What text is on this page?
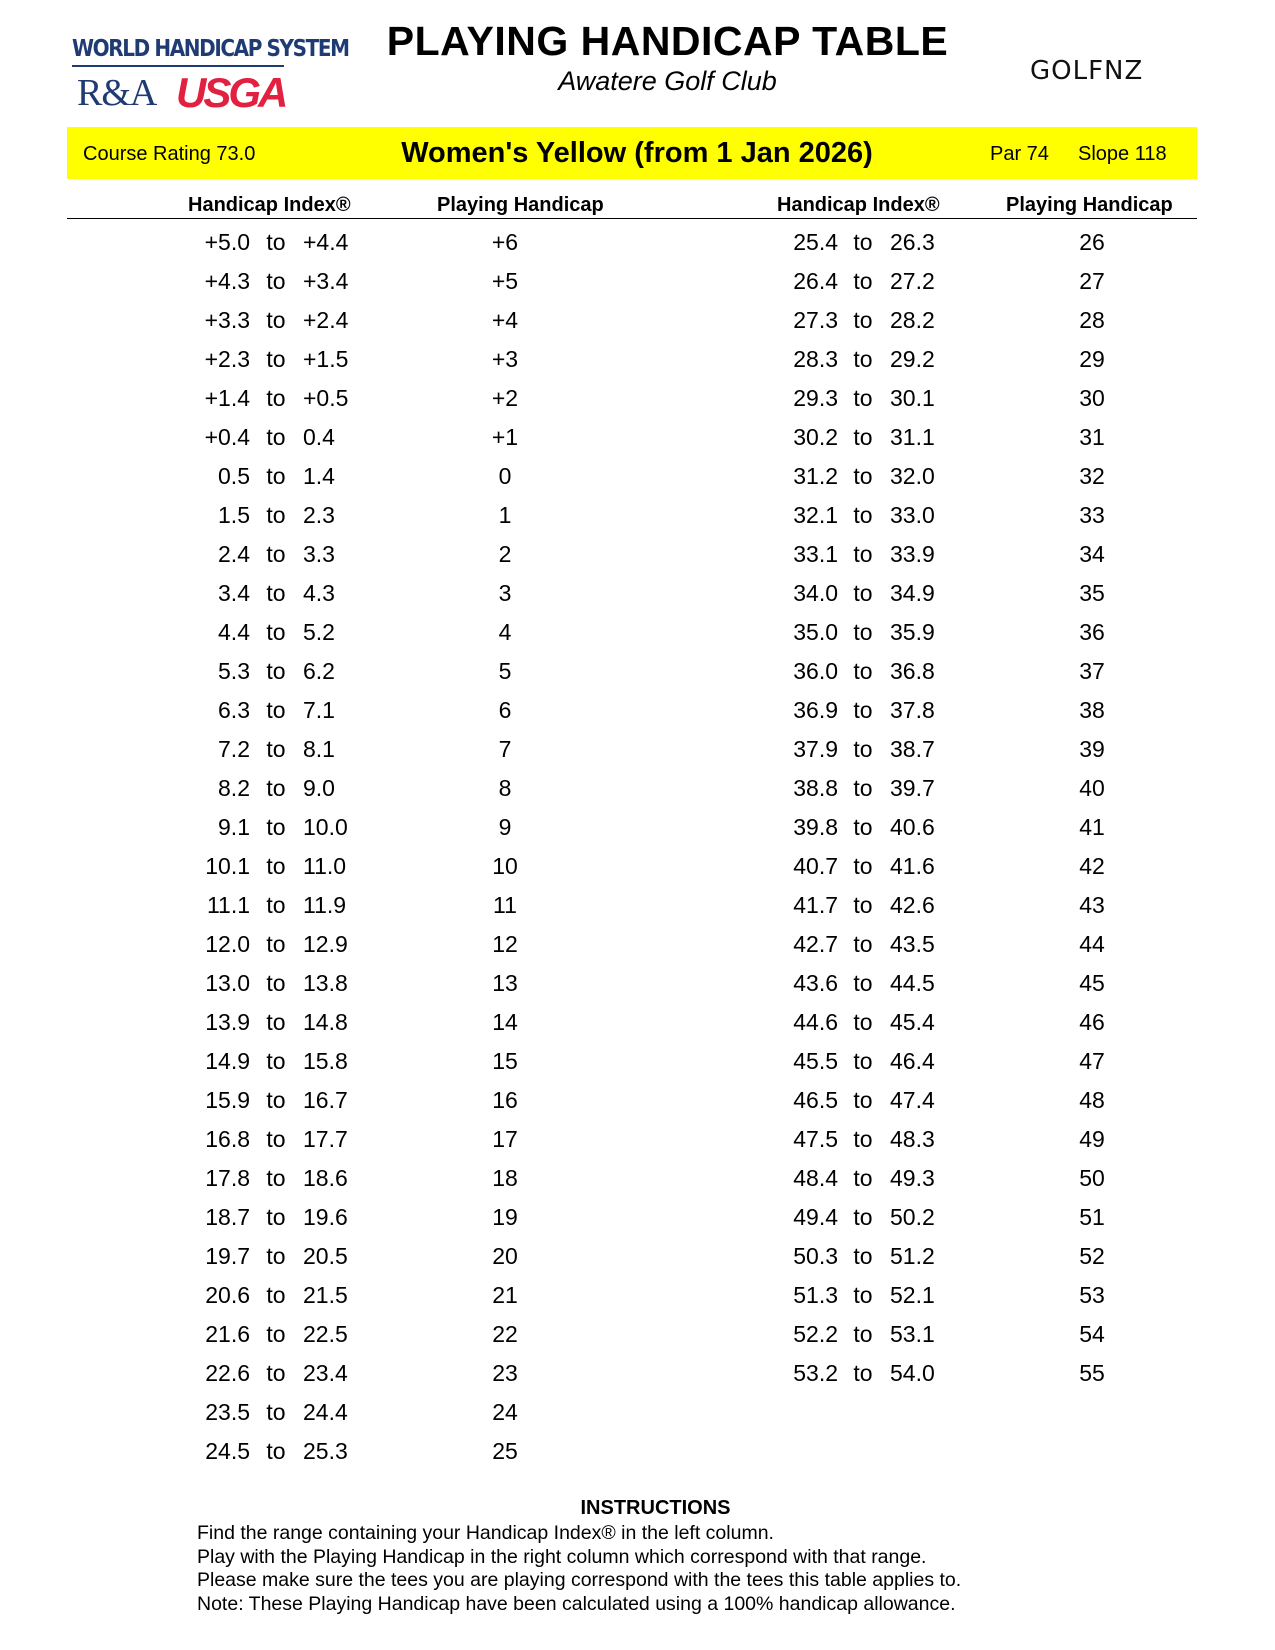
WORLD HANDICAP SYSTEM
R&A USGA
PLAYING HANDICAP TABLE
Awatere Golf Club	GOLFNZ
Course Rating 73.0	Women's Yellow (from 1 Jan 2026)	Par 74 Slope 118
Handicap Index®	Playing Handicap	Handicap Index®	Playing Handicap
+5.0 to +4.4	+6
+4.3 to +3.4	+5
+3.3 to +2.4	+4
+2.3 to +1.5	+3
+1.4 to +0.5	+2
+0.4 to 0.4	+1
0.5 to 1.4	0
1.5 to 2.3	1
2.4 to 3.3	2
3.4 to 4.3	3
4.4 to 5.2	4
5.3 to 6.2	5
6.3 to 7.1	6
7.2 to 8.1	7
8.2 to 9.0	8
9.1 to 10.0	9
10.1 to 11.0	10
11.1 to 11.9	11
12.0 to 12.9	12
13.0 to 13.8	13
13.9 to 14.8	14
14.9 to 15.8	15
15.9 to 16.7	16
16.8 to 17.7	17
17.8 to 18.6	18
18.7 to 19.6	19
19.7 to 20.5	20
20.6 to 21.5	21
21.6 to 22.5	22
22.6 to 23.4	23
23.5 to 24.4	24
24.5 to 25.3	25
25.4 to 26.3	26
26.4 to 27.2	27
27.3 to 28.2	28
28.3 to 29.2	29
29.3 to 30.1	30
30.2 to 31.1	31
31.2 to 32.0	32
32.1 to 33.0	33
33.1 to 33.9	34
34.0 to 34.9	35
35.0 to 35.9	36
36.0 to 36.8	37
36.9 to 37.8	38
37.9 to 38.7	39
38.8 to 39.7	40
39.8 to 40.6	41
40.7 to 41.6	42
41.7 to 42.6	43
42.7 to 43.5	44
43.6 to 44.5	45
44.6 to 45.4	46
45.5 to 46.4	47
46.5 to 47.4	48
47.5 to 48.3	49
48.4 to 49.3	50
49.4 to 50.2	51
50.3 to 51.2	52
51.3 to 52.1	53
52.2 to 53.1	54
53.2 to 54.0	55
INSTRUCTIONS
Find the range containing your Handicap Index® in the left column.
Play with the Playing Handicap in the right column which correspond with that range.
Please make sure the tees you are playing correspond with the tees this table applies to.
Note: These Playing Handicap have been calculated using a 100% handicap allowance.
